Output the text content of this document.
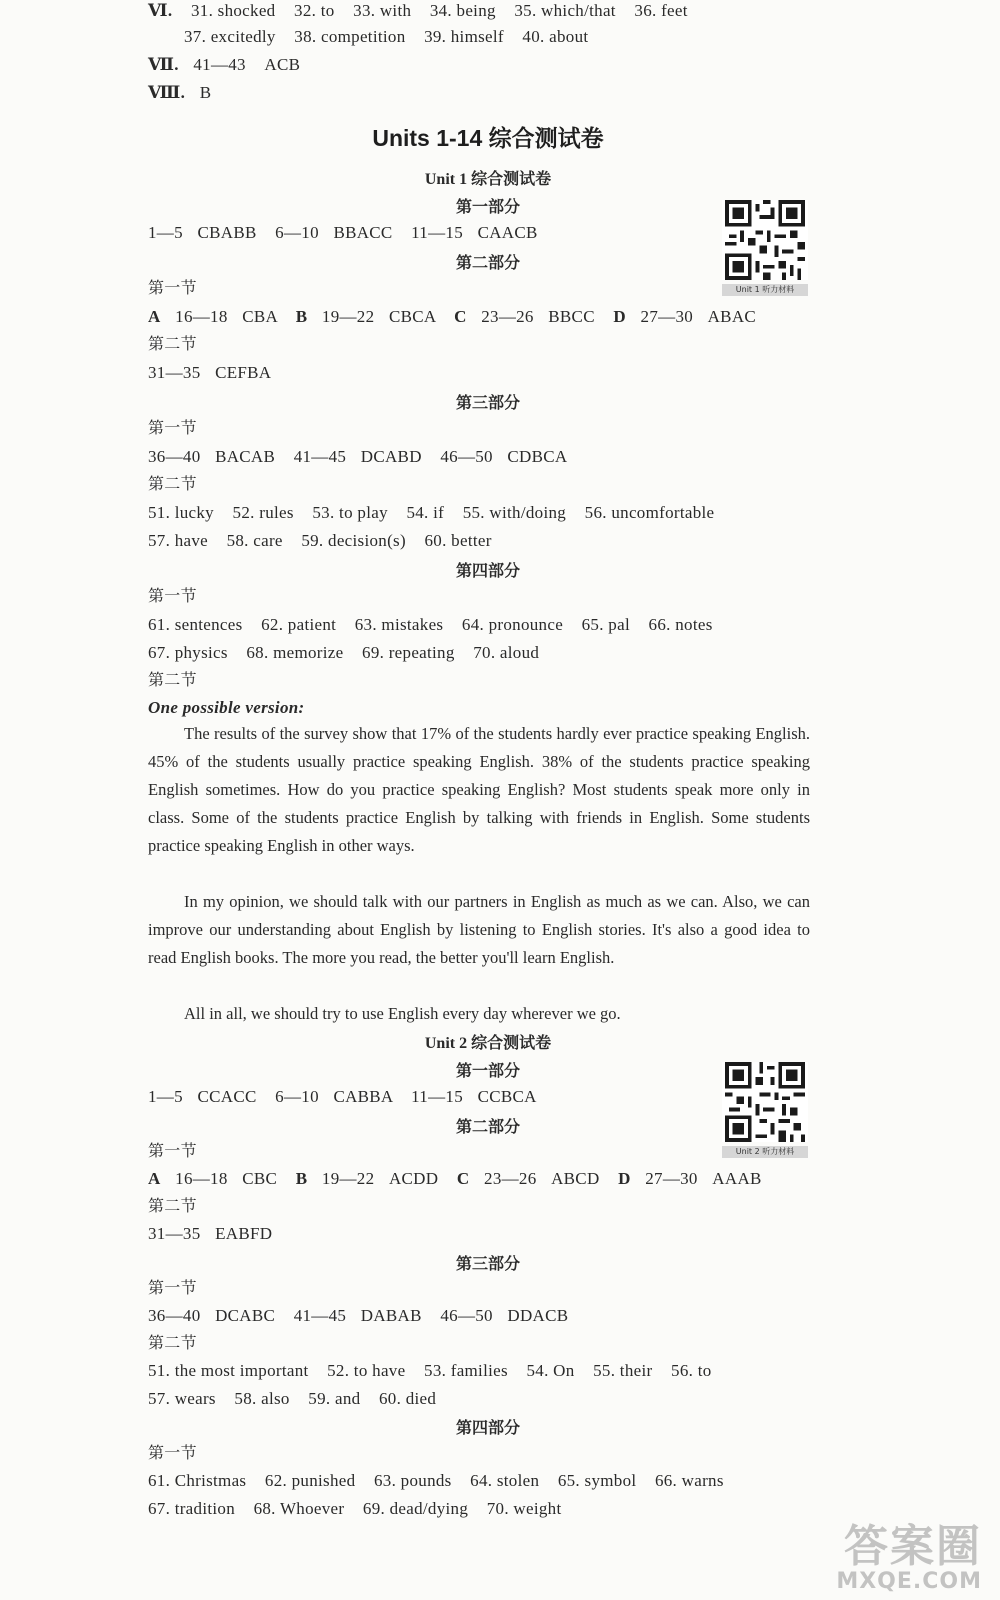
Ⅵ. 31. shocked 32. to 33. with 34. being 35. which/that 36. feet
37. excitedly 38. competition 39. himself 40. about
Ⅶ. 41—43 ACB
Ⅷ. B
Units 1-14 综合测试卷
Unit 1 综合测试卷
第一部分
Unit 1 听力材料
1—5 CBABB 6—10 BBACC 11—15 CAACB
第二部分
第一节
A 16—18 CBA B 19—22 CBCA C 23—26 BBCC D 27—30 ABAC
第二节
31—35 CEFBA
第三部分
第一节
36—40 BACAB 41—45 DCABD 46—50 CDBCA
第二节
51. lucky 52. rules 53. to play 54. if 55. with/doing 56. uncomfortable
57. have 58. care 59. decision(s) 60. better
第四部分
第一节
61. sentences 62. patient 63. mistakes 64. pronounce 65. pal 66. notes
67. physics 68. memorize 69. repeating 70. aloud
第二节
One possible version:
The results of the survey show that 17% of the students hardly ever practice speaking English. 45% of the students usually practice speaking English. 38% of the students practice speaking English sometimes. How do you practice speaking English? Most students speak more only in class. Some of the students practice English by talking with friends in English. Some students practice speaking English in other ways.
In my opinion, we should talk with our partners in English as much as we can. Also, we can improve our understanding about English by listening to English stories. It's also a good idea to read English books. The more you read, the better you'll learn English.
All in all, we should try to use English every day wherever we go.
Unit 2 综合测试卷
第一部分
Unit 2 听力材料
1—5 CCACC 6—10 CABBA 11—15 CCBCA
第二部分
第一节
A 16—18 CBC B 19—22 ACDD C 23—26 ABCD D 27—30 AAAB
第二节
31—35 EABFD
第三部分
第一节
36—40 DCABC 41—45 DABAB 46—50 DDACB
第二节
51. the most important 52. to have 53. families 54. On 55. their 56. to
57. wears 58. also 59. and 60. died
第四部分
第一节
61. Christmas 62. punished 63. pounds 64. stolen 65. symbol 66. warns
67. tradition 68. Whoever 69. dead/dying 70. weight
答案圈
MXQE.COM
